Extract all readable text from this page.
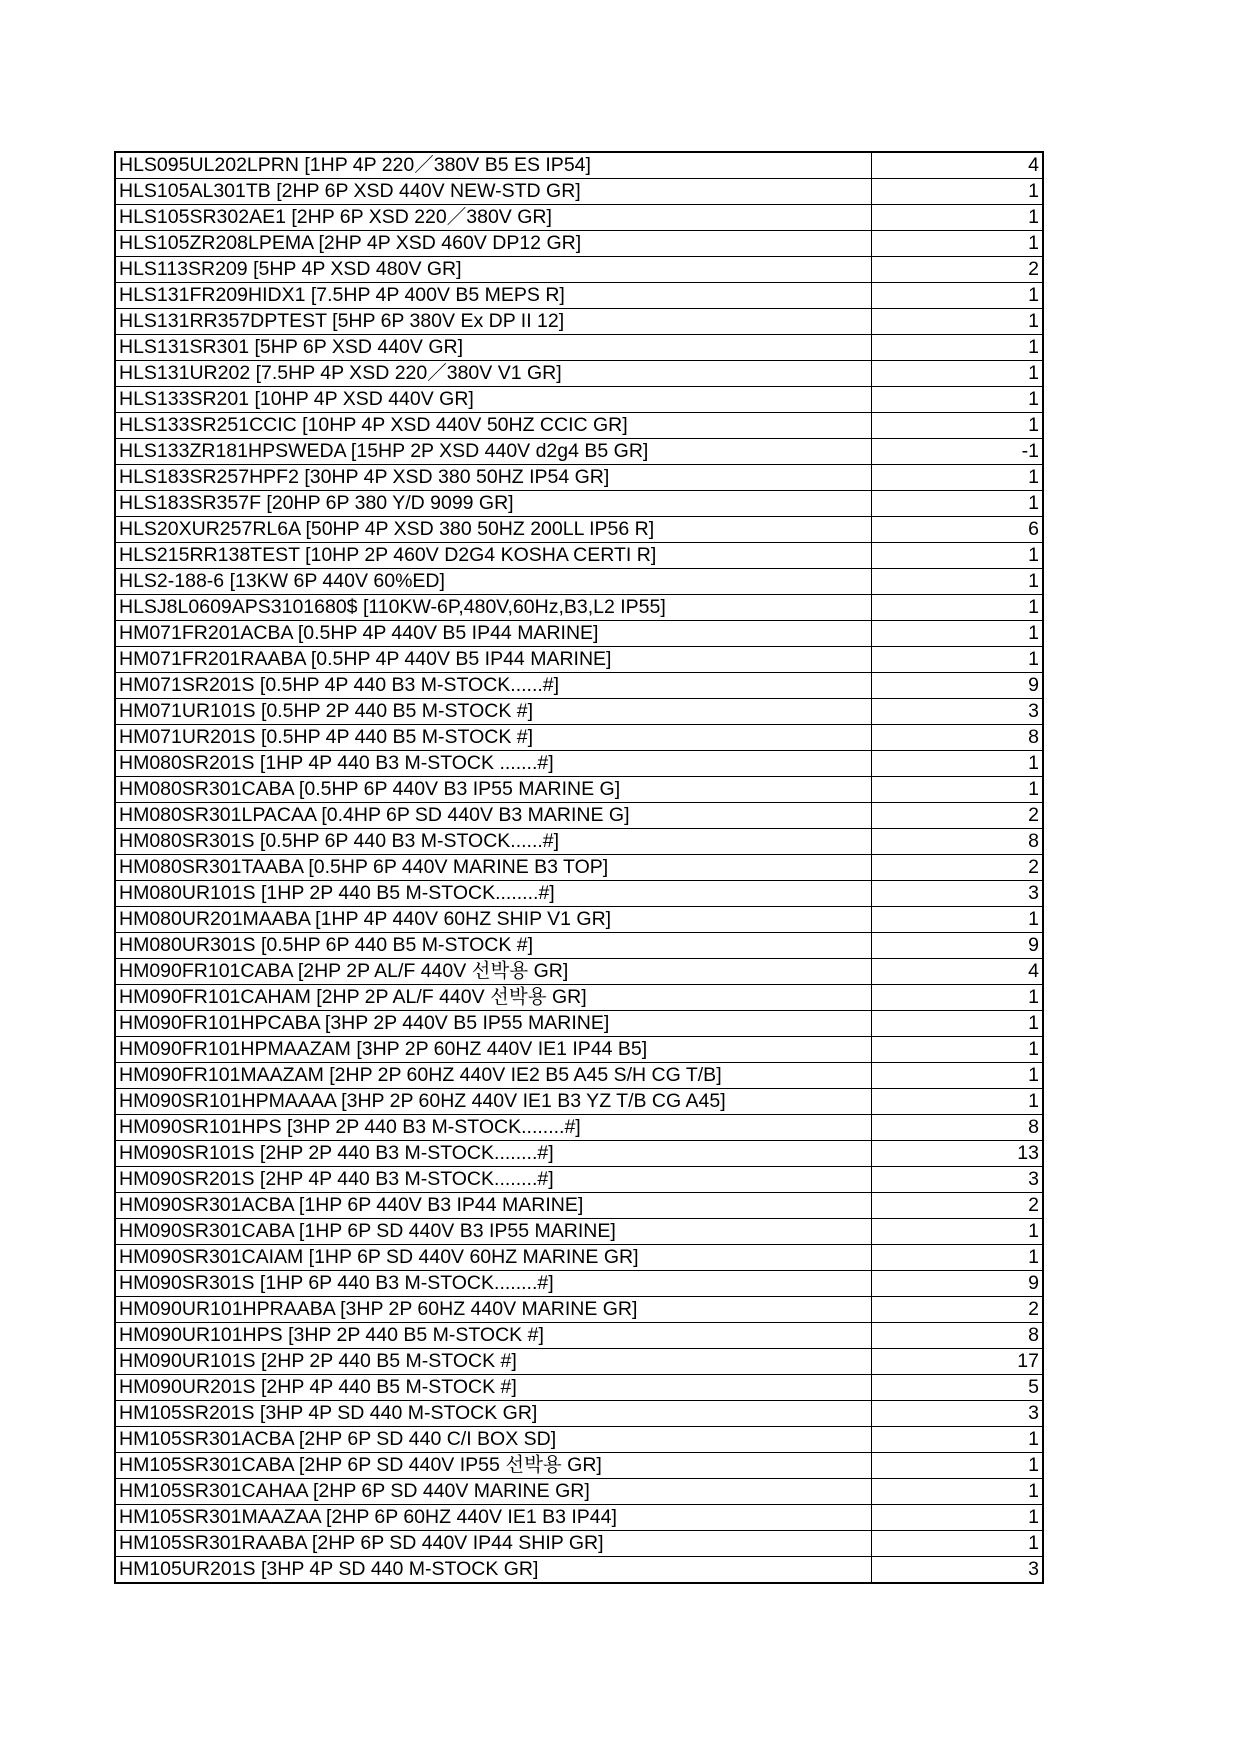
HLS095UL202LPRN [1HP 4P 220／380V B5 ES IP54]	4
HLS105AL301TB [2HP 6P XSD 440V NEW-STD GR]	1
HLS105SR302AE1 [2HP 6P XSD 220／380V GR]	1
HLS105ZR208LPEMA [2HP 4P XSD 460V DP12 GR]	1
HLS113SR209 [5HP 4P XSD 480V GR]	2
HLS131FR209HIDX1 [7.5HP 4P 400V B5 MEPS R]	1
HLS131RR357DPTEST [5HP 6P 380V Ex DP II 12]	1
HLS131SR301 [5HP 6P XSD 440V GR]	1
HLS131UR202 [7.5HP 4P XSD 220／380V V1 GR]	1
HLS133SR201 [10HP 4P XSD 440V GR]	1
HLS133SR251CCIC [10HP 4P XSD 440V 50HZ CCIC GR]	1
HLS133ZR181HPSWEDA [15HP 2P XSD 440V d2g4 B5 GR]	-1
HLS183SR257HPF2 [30HP 4P XSD 380 50HZ IP54 GR]	1
HLS183SR357F [20HP 6P 380 Y/D 9099 GR]	1
HLS20XUR257RL6A [50HP 4P XSD 380 50HZ 200LL IP56 R]	6
HLS215RR138TEST [10HP 2P 460V D2G4 KOSHA CERTI R]	1
HLS2-188-6 [13KW 6P 440V 60%ED]	1
HLSJ8L0609APS3101680$ [110KW-6P,480V,60Hz,B3,L2 IP55]	1
HM071FR201ACBA [0.5HP 4P 440V B5 IP44 MARINE]	1
HM071FR201RAABA [0.5HP 4P 440V B5 IP44 MARINE]	1
HM071SR201S [0.5HP 4P 440 B3 M-STOCK......#]	9
HM071UR101S [0.5HP 2P 440 B5 M-STOCK #]	3
HM071UR201S [0.5HP 4P 440 B5 M-STOCK #]	8
HM080SR201S [1HP 4P 440 B3 M-STOCK .......#]	1
HM080SR301CABA [0.5HP 6P 440V B3 IP55 MARINE G]	1
HM080SR301LPACAA [0.4HP 6P SD 440V B3 MARINE G]	2
HM080SR301S [0.5HP 6P 440 B3 M-STOCK......#]	8
HM080SR301TAABA [0.5HP 6P 440V MARINE B3 TOP]	2
HM080UR101S [1HP 2P 440 B5 M-STOCK........#]	3
HM080UR201MAABA [1HP 4P 440V 60HZ SHIP V1 GR]	1
HM080UR301S [0.5HP 6P 440 B5 M-STOCK #]	9
HM090FR101CABA [2HP 2P AL/F 440V 선박용 GR]	4
HM090FR101CAHAM [2HP 2P AL/F 440V 선박용 GR]	1
HM090FR101HPCABA [3HP 2P 440V B5 IP55 MARINE]	1
HM090FR101HPMAAZAM [3HP 2P 60HZ 440V IE1 IP44 B5]	1
HM090FR101MAAZAM [2HP 2P 60HZ 440V IE2 B5 A45 S/H CG T/B]	1
HM090SR101HPMAAAA [3HP 2P 60HZ 440V IE1 B3 YZ T/B CG A45]	1
HM090SR101HPS [3HP 2P 440 B3 M-STOCK........#]	8
HM090SR101S [2HP 2P 440 B3 M-STOCK........#]	13
HM090SR201S [2HP 4P 440 B3 M-STOCK........#]	3
HM090SR301ACBA [1HP 6P 440V B3 IP44 MARINE]	2
HM090SR301CABA [1HP 6P SD 440V B3 IP55 MARINE]	1
HM090SR301CAIAM [1HP 6P SD 440V 60HZ MARINE GR]	1
HM090SR301S [1HP 6P 440 B3 M-STOCK........#]	9
HM090UR101HPRAABA [3HP 2P 60HZ 440V MARINE GR]	2
HM090UR101HPS [3HP 2P 440 B5 M-STOCK #]	8
HM090UR101S [2HP 2P 440 B5 M-STOCK #]	17
HM090UR201S [2HP 4P 440 B5 M-STOCK #]	5
HM105SR201S [3HP 4P SD 440 M-STOCK GR]	3
HM105SR301ACBA [2HP 6P SD 440 C/I BOX SD]	1
HM105SR301CABA [2HP 6P SD 440V IP55 선박용 GR]	1
HM105SR301CAHAA [2HP 6P SD 440V MARINE GR]	1
HM105SR301MAAZAA [2HP 6P 60HZ 440V IE1 B3 IP44]	1
HM105SR301RAABA [2HP 6P SD 440V IP44 SHIP GR]	1
HM105UR201S [3HP 4P SD 440 M-STOCK GR]	3
